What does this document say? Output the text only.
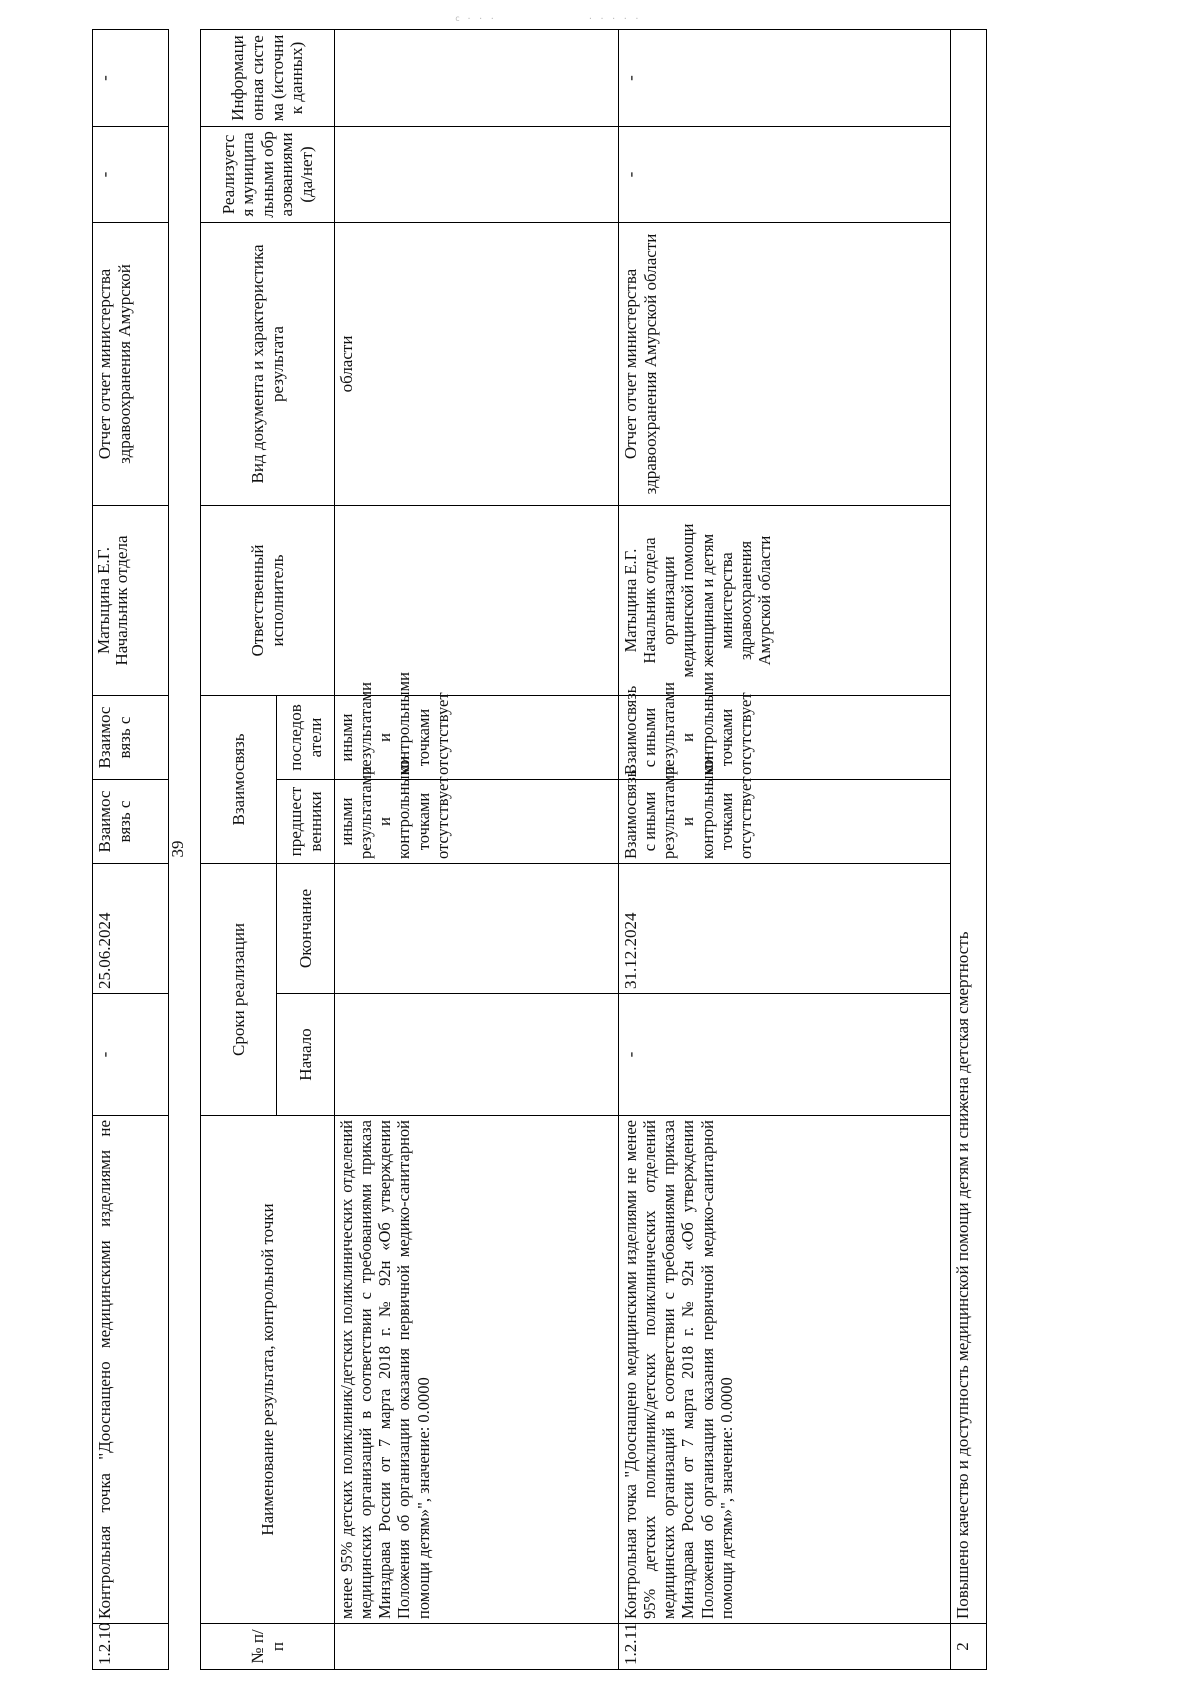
с · · ·	· · · · ·
1.2.10	Контрольная точка "Дооснащено медицинскими изделиями не	-	25.06.2024	Взаимос вязь с	Взаимос вязь с	Матыцина Е.Г. Начальник отдела	Отчет отчет министерства здравоохранения Амурской	-	-
39
№ п/п	Наименование результата, контрольной точки	Сроки реализации		Взаимосвязь		Ответственный исполнитель	Вид документа и характеристика результата	Реализуется муниципальными образованиями (да/нет)	Информационная система (источник данных)
		Начало	Окончание	предшест венники	последов атели				
	менее 95% детских поликлиник/детских поликлинических отделений медицинских организаций в соответствии с требованиями приказа Минздрава России от 7 марта 2018 г. № 92н «Об утверждении Положения об организации оказания первичной медико-санитарной помощи детям»", значение: 0.0000			иными результатами и контрольными точками отсутствует	иными результатами и контрольными точками отсутствует		области		
1.2.11	Контрольная точка "Дооснащено медицинскими изделиями не менее 95% детских поликлиник/детских поликлинических отделений медицинских организаций в соответствии с требованиями приказа Минздрава России от 7 марта 2018 г. № 92н «Об утверждении Положения об организации оказания первичной медико-санитарной помощи детям»", значение: 0.0000	-	31.12.2024	Взаимосвязь с иными результатами и контрольными точками отсутствует	Взаимосвязь с иными результатами и контрольными точками отсутствует	Матыцина Е.Г. Начальник отдела организации медицинской помощи женщинам и детям министерства здравоохранения Амурской области	Отчет отчет министерства здравоохранения Амурской области	-	-
2	Повышено качество и доступность медицинской помощи детям и снижена детская смертность								
